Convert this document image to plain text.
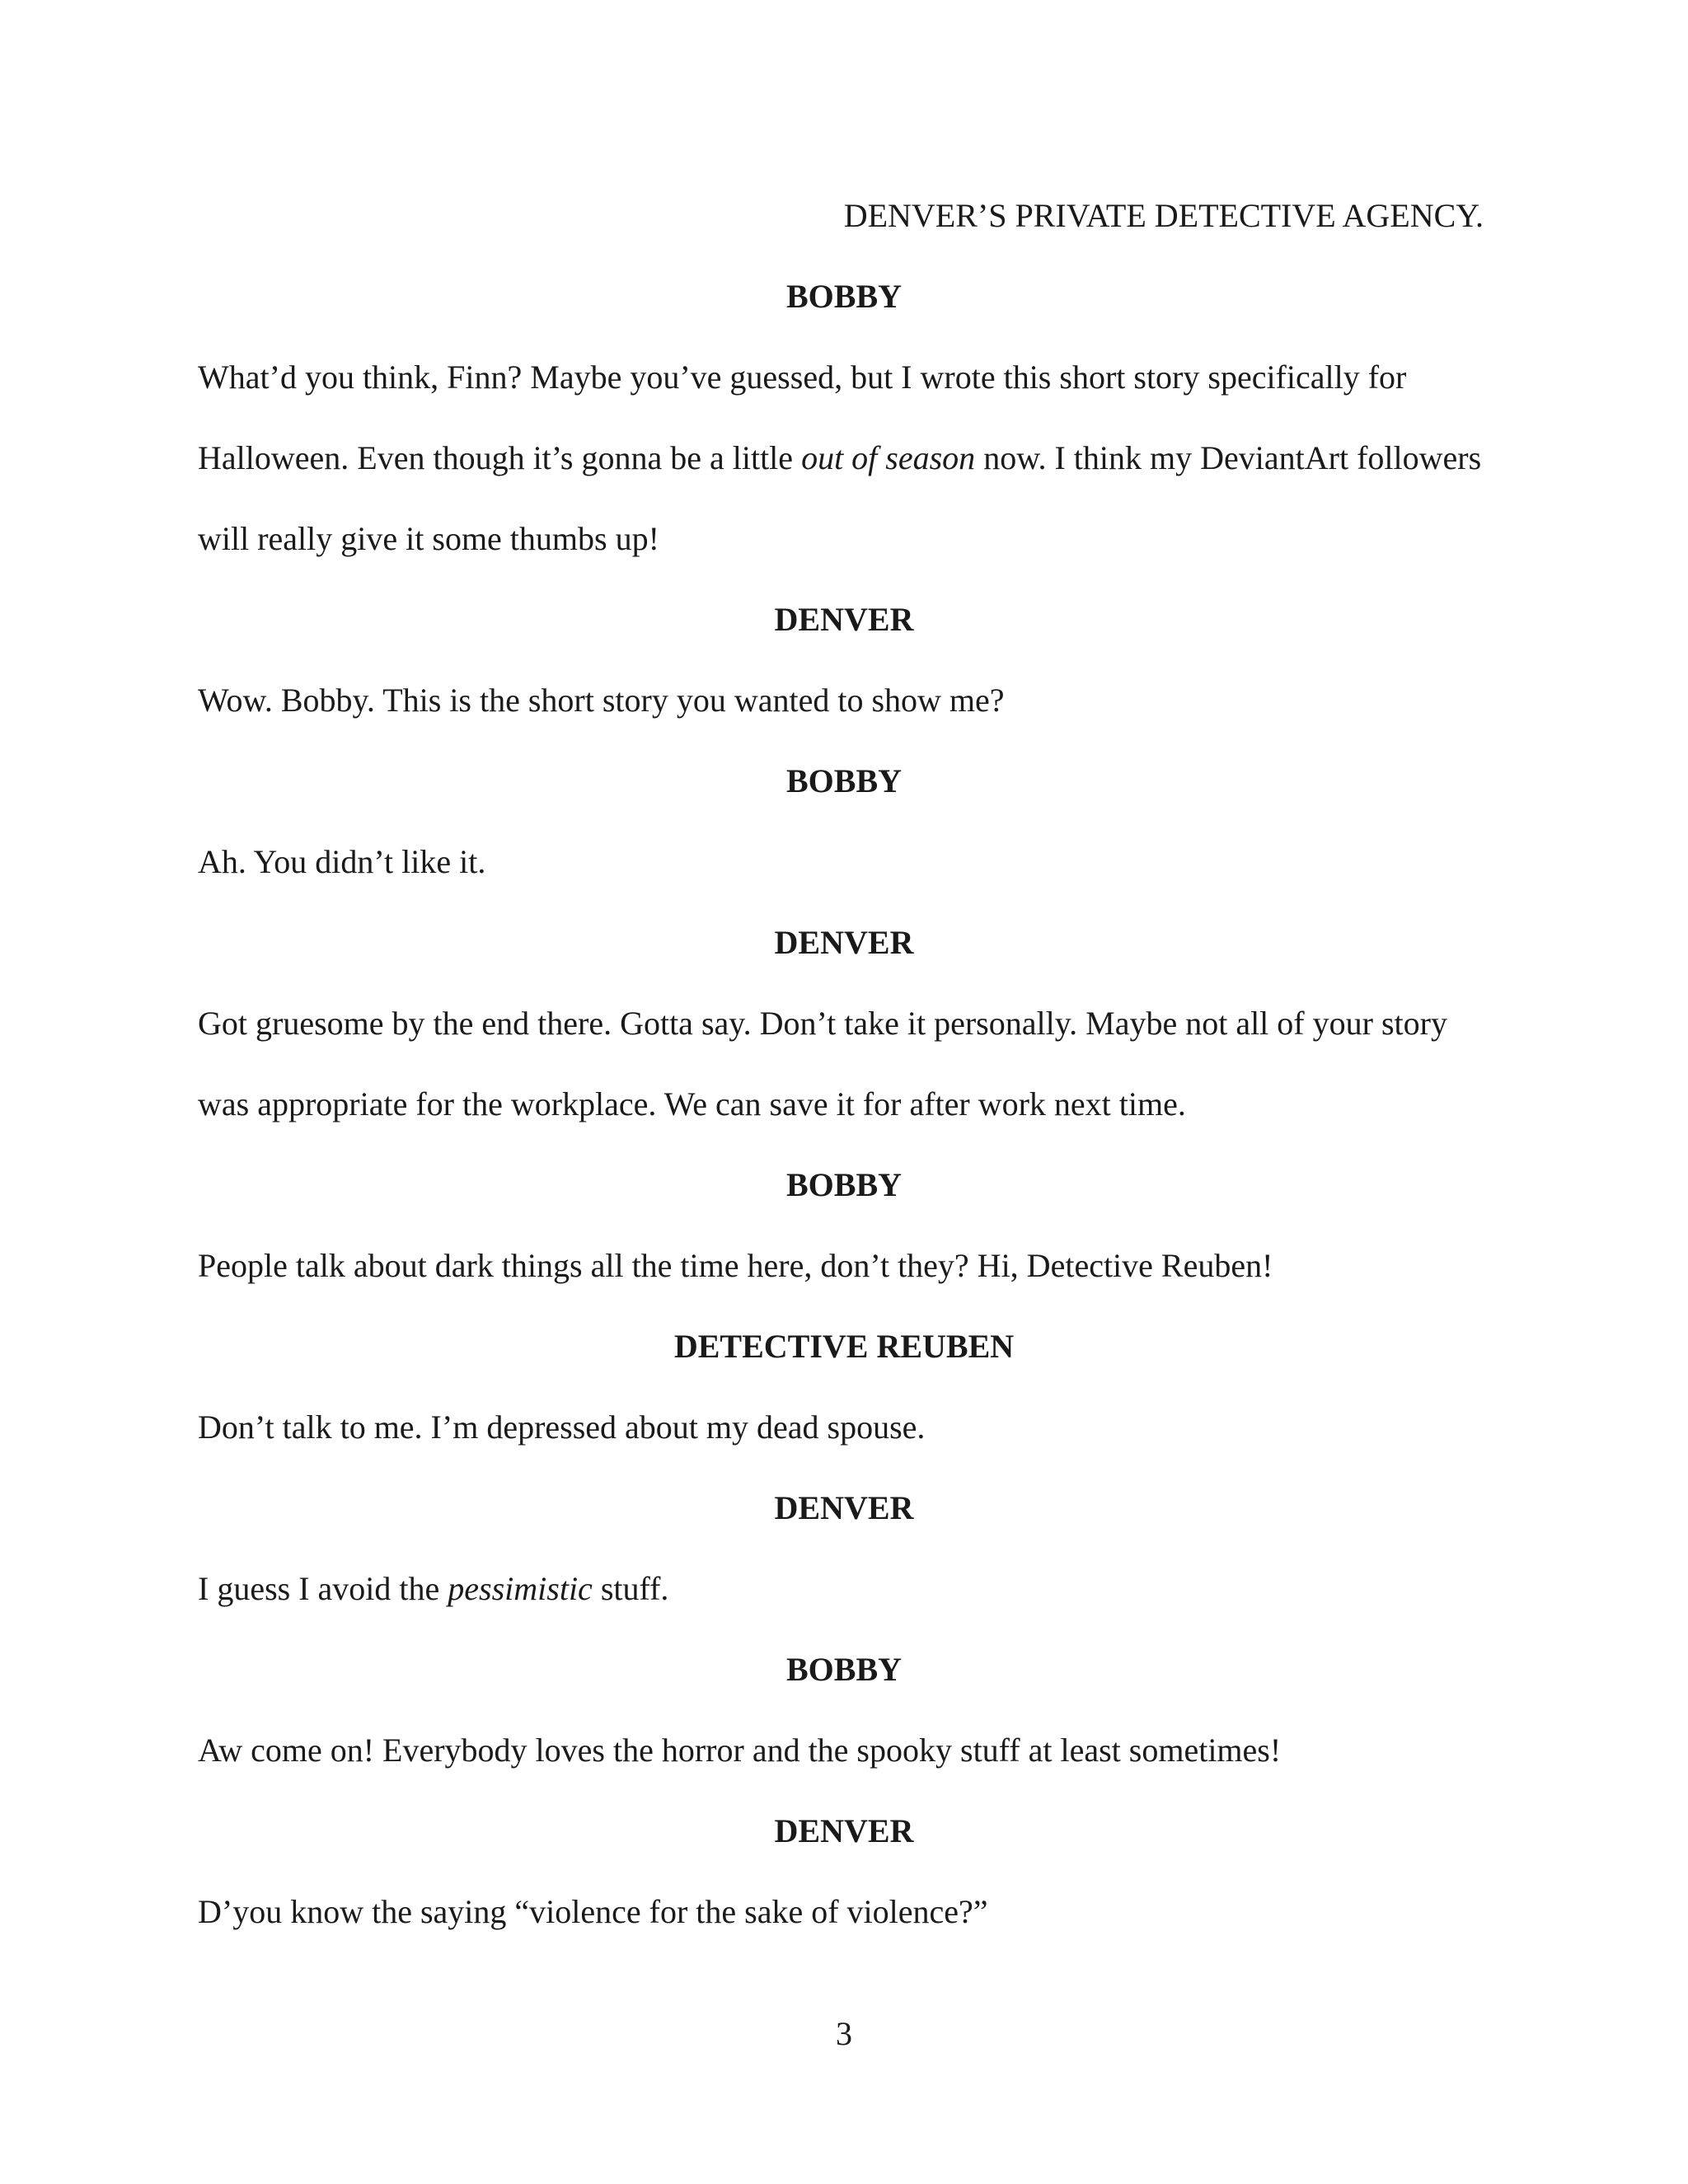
DENVER’S PRIVATE DETECTIVE AGENCY.
BOBBY
What’d you think, Finn? Maybe you’ve guessed, but I wrote this short story specifically for
Halloween. Even though it’s gonna be a little out of season now. I think my DeviantArt followers
will really give it some thumbs up!
DENVER
Wow. Bobby. This is the short story you wanted to show me?
BOBBY
Ah. You didn’t like it.
DENVER
Got gruesome by the end there. Gotta say. Don’t take it personally. Maybe not all of your story
was appropriate for the workplace. We can save it for after work next time.
BOBBY
People talk about dark things all the time here, don’t they? Hi, Detective Reuben!
DETECTIVE REUBEN
Don’t talk to me. I’m depressed about my dead spouse.
DENVER
I guess I avoid the pessimistic stuff.
BOBBY
Aw come on! Everybody loves the horror and the spooky stuff at least sometimes!
DENVER
D’you know the saying “violence for the sake of violence?”
3
